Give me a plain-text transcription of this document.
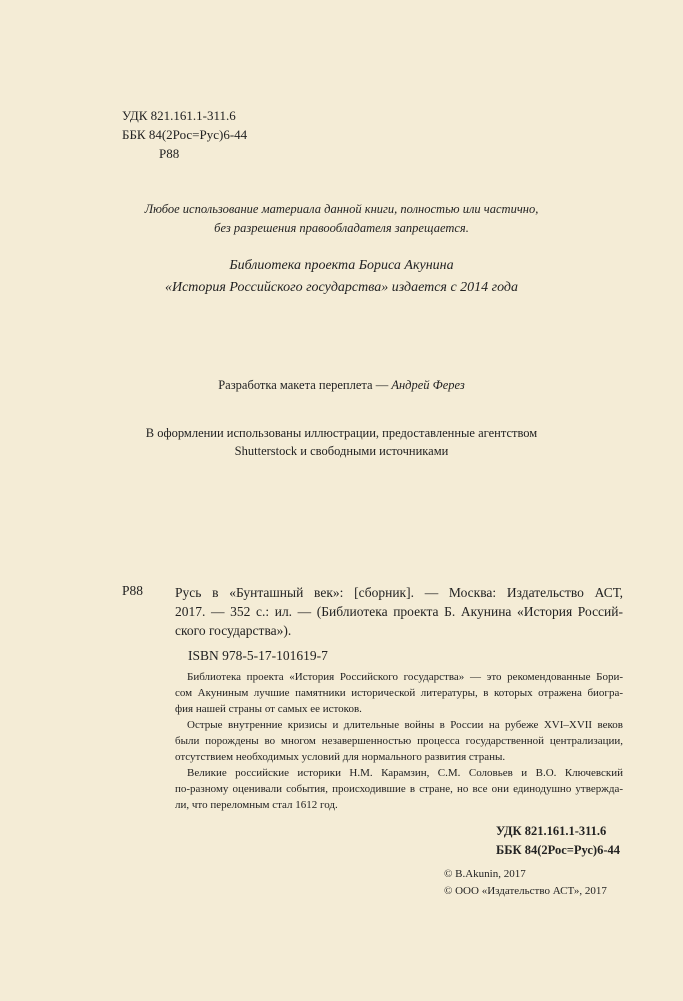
УДК 821.161.1-311.6
ББК 84(2Рос=Рус)6-44
Р88
Любое использование материала данной книги, полностью или частично,
без разрешения правообладателя запрещается.
Библиотека проекта Бориса Акунина
«История Российского государства» издается с 2014 года
Разработка макета переплета — Андрей Ферез
В оформлении использованы иллюстрации, предоставленные агентством
Shutterstock и свободными источниками
Р88 Русь в «Бунташный век»: [сборник]. — Москва: Издательство АСТ,
2017. — 352 с.: ил. — (Библиотека проекта Б. Акунина «История Россий-
ского государства»).
ISBN 978-5-17-101619-7
Библиотека проекта «История Российского государства» — это рекомендованные Бори-
сом Акуниным лучшие памятники исторической литературы, в которых отражена биогра-
фия нашей страны от самых ее истоков.
Острые внутренние кризисы и длительные войны в России на рубеже XVI–XVII веков
были порождены во многом незавершенностью процесса государственной централизации,
отсутствием необходимых условий для нормального развития страны.
Великие российские историки Н.М. Карамзин, С.М. Соловьев и В.О. Ключевский
по-разному оценивали события, происходившие в стране, но все они единодушно утвержда-
ли, что переломным стал 1612 год.
УДК 821.161.1-311.6
ББК 84(2Рос=Рус)6-44
© B.Akunin, 2017
© ООО «Издательство АСТ», 2017
